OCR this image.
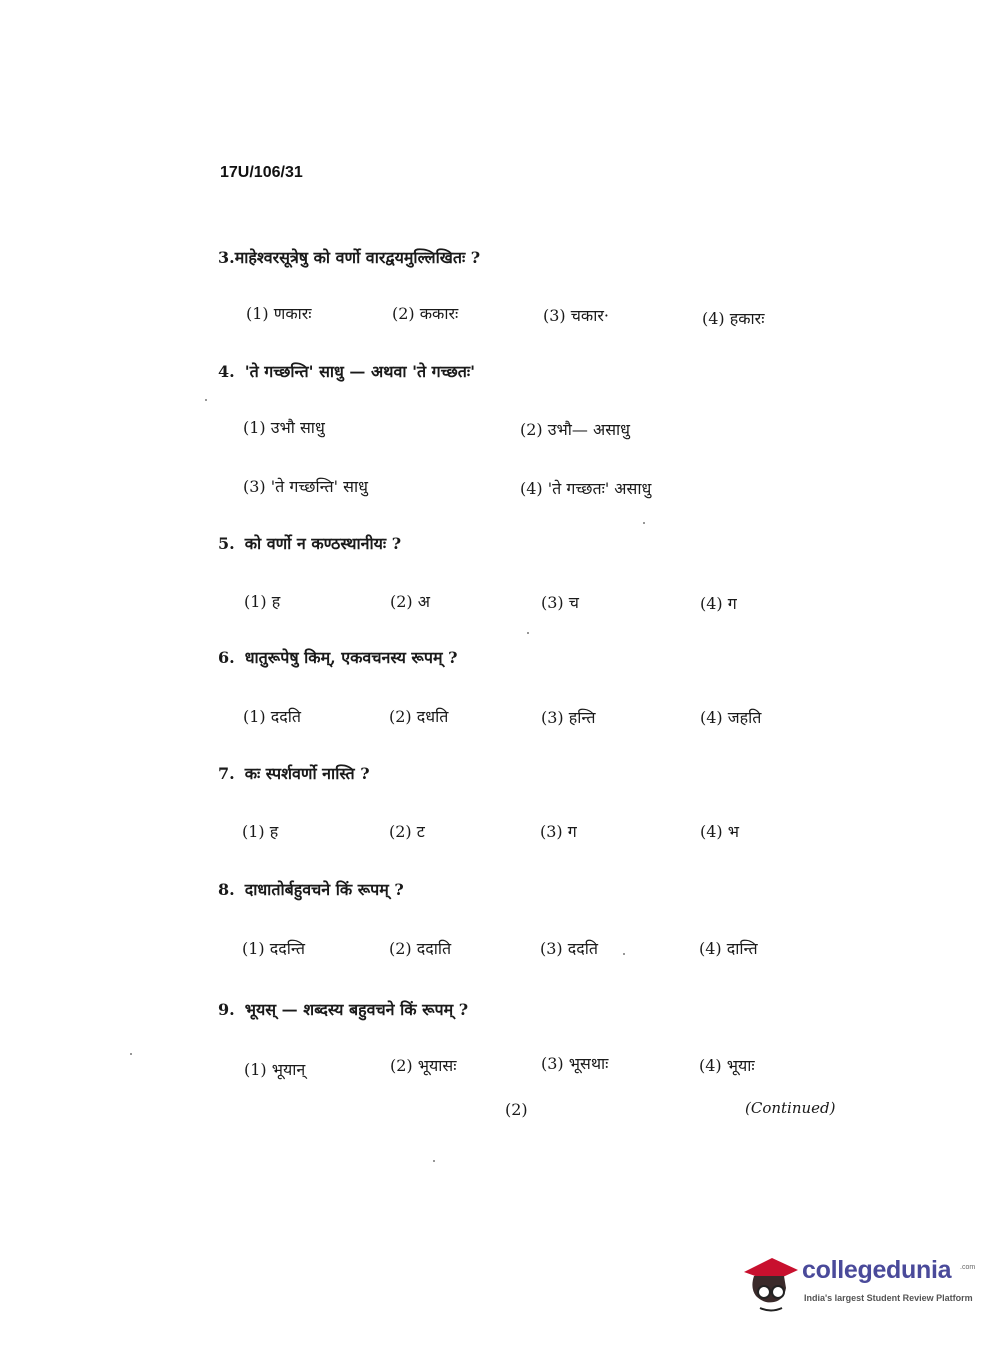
17U/106/31
3.माहेश्वरसूत्रेषु को वर्णो वारद्वयमुल्लिखितः ?
(1) णकारः	(2) ककारः	(3) चकार·	(4) हकारः
4. 'ते गच्छन्ति' साधु — अथवा 'ते गच्छतः'
(1) उभौ साधु	(2) उभौ— असाधु
(3) 'ते गच्छन्ति' साधु	(4) 'ते गच्छतः' असाधु
5. को वर्णो न कण्ठस्थानीयः ?
(1) ह	(2) अ	(3) च	(4) ग
6. धातुरूपेषु किम्, एकवचनस्य रूपम् ?
(1) ददति	(2) दधति	(3) हन्ति	(4) जहति
7. कः स्पर्शवर्णो नास्ति ?
(1) ह	(2) ट	(3) ग	(4) भ
8. दाधातोर्बहुवचने किं रूपम् ?
(1) ददन्ति	(2) ददाति	(3) ददति	(4) दान्ति
9. भूयस् — शब्दस्य बहुवचने किं रूपम् ?
(1) भूयान्	(2) भूयासः	(3) भूसथाः	(4) भूयाः
(2)	(Continued)
collegedunia .com
India's largest Student Review Platform
